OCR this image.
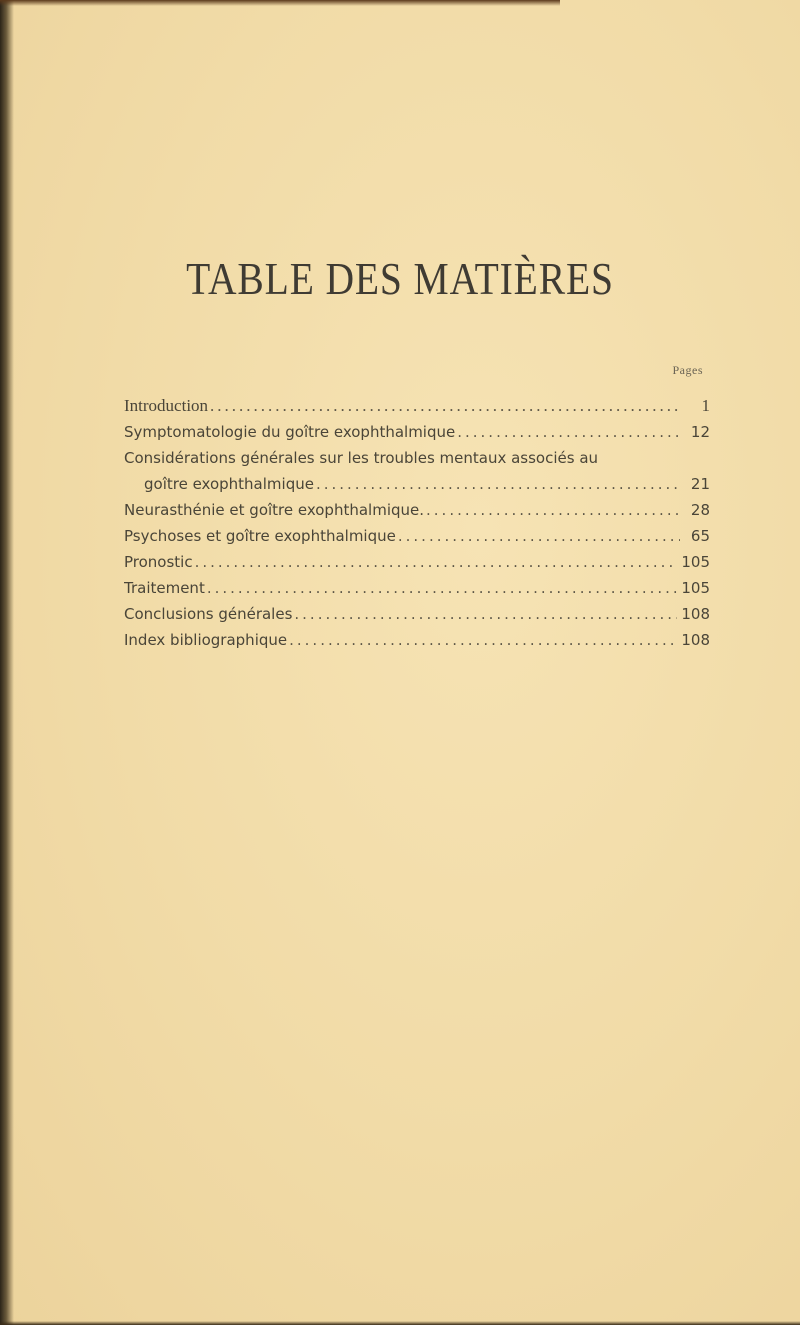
TABLE DES MATIÈRES
Pages
Introduction .....	1
Symptomatologie du goître exophthalmique .....	12
Considérations générales sur les troubles mentaux associés au
goître exophthalmique .....	21
Neurasthénie et goître exophthalmique. .....	28
Psychoses et goître exophthalmique .....	65
Pronostic .....	105
Traitement .....	105
Conclusions générales .....	108
Index bibliographique .....	108
